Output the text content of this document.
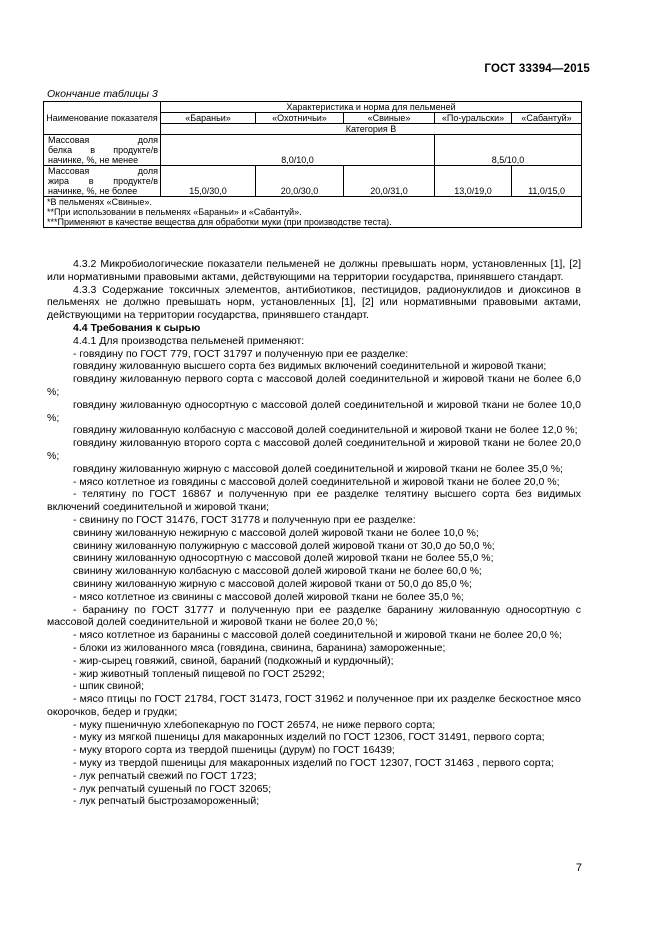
ГОСТ 33394—2015
Окончание таблицы 3
Наименование показателя	Характеристика и норма для пельменей				
	«Бараньи»	«Охотничьи»	«Свиные»	«По-уральски»	«Сабантуй»
	Категория В				

Массовая доля
белка в продукте/в
начинке, %, не менее	8,0/10,0			8,5/10,0	

Массовая доля
жира в продукте/в
начинке, %, не более	15,0/30,0	20,0/30,0	20,0/31,0	13,0/19,0	11,0/15,0
*В пельменях «Свиные».					
**При использовании в пельменях «Бараньи» и «Сабантуй».					
***Применяют в качестве вещества для обработки муки (при производстве теста).					

4.3.2 Микробиологические показатели пельменей не должны превышать норм, установленных [1], [2] или нормативными правовыми актами, действующими на территории государства, принявшего стандарт.

4.3.3 Содержание токсичных элементов, антибиотиков, пестицидов, радионуклидов и диоксинов в пельменях не должно превышать норм, установленных [1], [2] или нормативными правовыми актами, действующими на территории государства, принявшего стандарт.

4.4 Требования к сырью

4.4.1 Для производства пельменей применяют:

- говядину по ГОСТ 779, ГОСТ 31797 и полученную при ее разделке:

говядину жилованную высшего сорта без видимых включений соединительной и жировой ткани;

говядину жилованную первого сорта с массовой долей соединительной и жировой ткани не более 6,0 %;

говядину жилованную односортную с массовой долей соединительной и жировой ткани не более 10,0 %;

говядину жилованную колбасную с массовой долей соединительной и жировой ткани не более 12,0 %;

говядину жилованную второго сорта с массовой долей соединительной и жировой ткани не более 20,0 %;

говядину жилованную жирную с массовой долей соединительной и жировой ткани не более 35,0 %;

- мясо котлетное из говядины с массовой долей соединительной и жировой ткани не более 20,0 %;

- телятину по ГОСТ 16867 и полученную при ее разделке телятину высшего сорта без видимых включений соединительной и жировой ткани;

- свинину по ГОСТ 31476, ГОСТ 31778 и полученную при ее разделке:

свинину жилованную нежирную с массовой долей жировой ткани не более 10,0 %;

свинину жилованную полужирную с массовой долей жировой ткани от 30,0 до 50,0 %;

свинину жилованную односортную с массовой долей жировой ткани не более 55,0 %;

свинину жилованную колбасную с массовой долей жировой ткани не более 60,0 %;

свинину жилованную жирную с массовой долей жировой ткани от 50,0 до 85,0 %;

- мясо котлетное из свинины с массовой долей жировой ткани не более 35,0 %;

- баранину по ГОСТ 31777 и полученную при ее разделке баранину жилованную односортную с массовой долей соединительной и жировой ткани не более 20,0 %;

- мясо котлетное из баранины с массовой долей соединительной и жировой ткани не более 20,0 %;

- блоки из жилованного мяса (говядина, свинина, баранина) замороженные;

- жир-сырец говяжий, свиной, бараний (подкожный и курдючный);

- жир животный топленый пищевой по ГОСТ 25292;

- шпик свиной;

- мясо птицы по ГОСТ 21784, ГОСТ 31473, ГОСТ 31962 и полученное при их разделке бескостное мясо окорочков, бедер и грудки;

- муку пшеничную хлебопекарную по ГОСТ 26574, не ниже первого сорта;

- муку из мягкой пшеницы для макаронных изделий по ГОСТ 12306, ГОСТ 31491, первого сорта;

- муку второго сорта из твердой пшеницы (дурум) по ГОСТ 16439;

- муку из твердой пшеницы для макаронных изделий по ГОСТ 12307, ГОСТ 31463 , первого сорта;

- лук репчатый свежий по ГОСТ 1723;

- лук репчатый сушеный по ГОСТ 32065;

- лук репчатый быстрозамороженный;

7
